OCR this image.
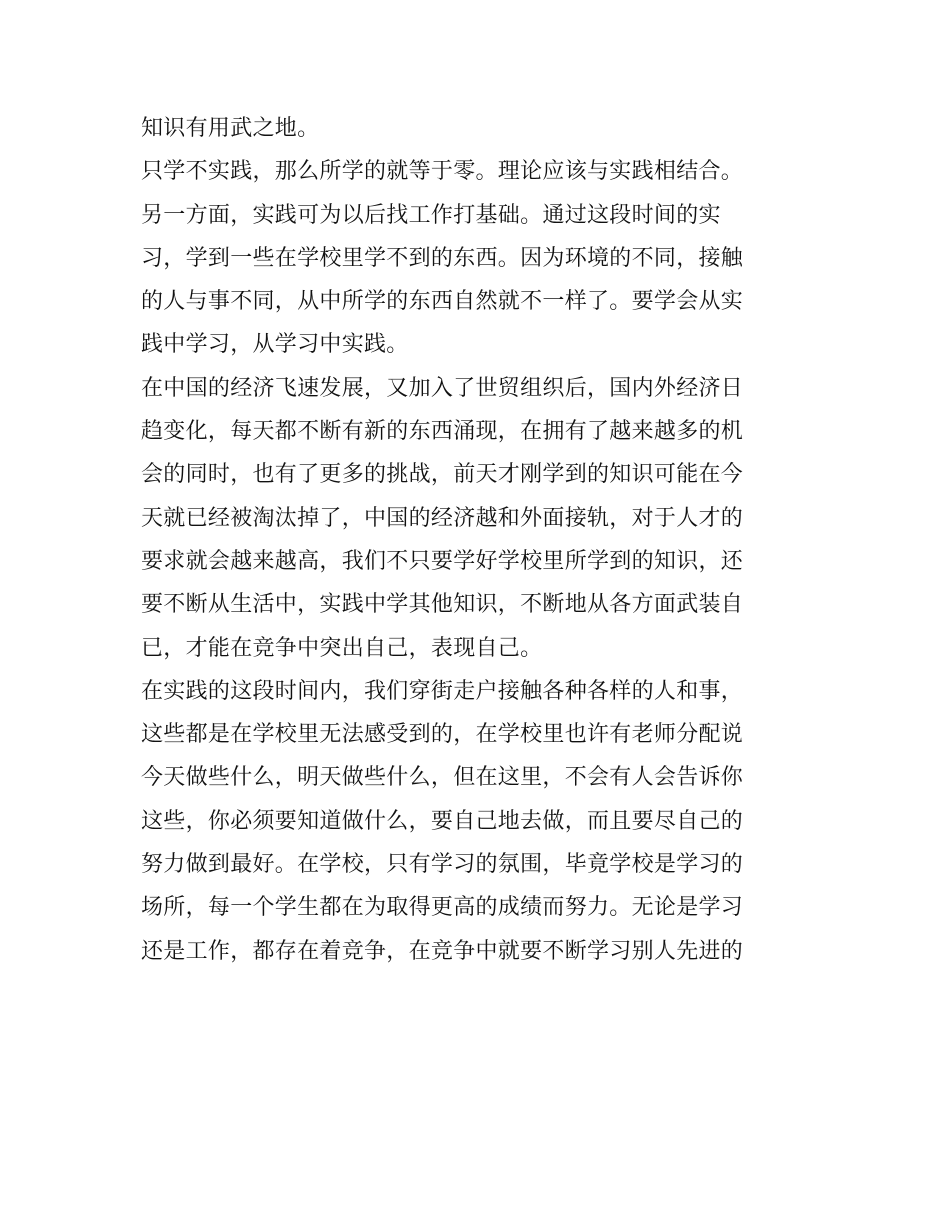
知识有用武之地。
只学不实践，那么所学的就等于零。理论应该与实践相结合。
另一方面，实践可为以后找工作打基础。通过这段时间的实
习，学到一些在学校里学不到的东西。因为环境的不同，接触
的人与事不同，从中所学的东西自然就不一样了。要学会从实
践中学习，从学习中实践。
在中国的经济飞速发展，又加入了世贸组织后，国内外经济日
趋变化，每天都不断有新的东西涌现，在拥有了越来越多的机
会的同时，也有了更多的挑战，前天才刚学到的知识可能在今
天就已经被淘汰掉了，中国的经济越和外面接轨，对于人才的
要求就会越来越高，我们不只要学好学校里所学到的知识，还
要不断从生活中，实践中学其他知识，不断地从各方面武装自
已，才能在竞争中突出自己，表现自己。
在实践的这段时间内，我们穿街走户接触各种各样的人和事，
这些都是在学校里无法感受到的，在学校里也许有老师分配说
今天做些什么，明天做些什么，但在这里，不会有人会告诉你
这些，你必须要知道做什么，要自己地去做，而且要尽自己的
努力做到最好。在学校，只有学习的氛围，毕竟学校是学习的
场所，每一个学生都在为取得更高的成绩而努力。无论是学习
还是工作，都存在着竞争，在竞争中就要不断学习别人先进的
